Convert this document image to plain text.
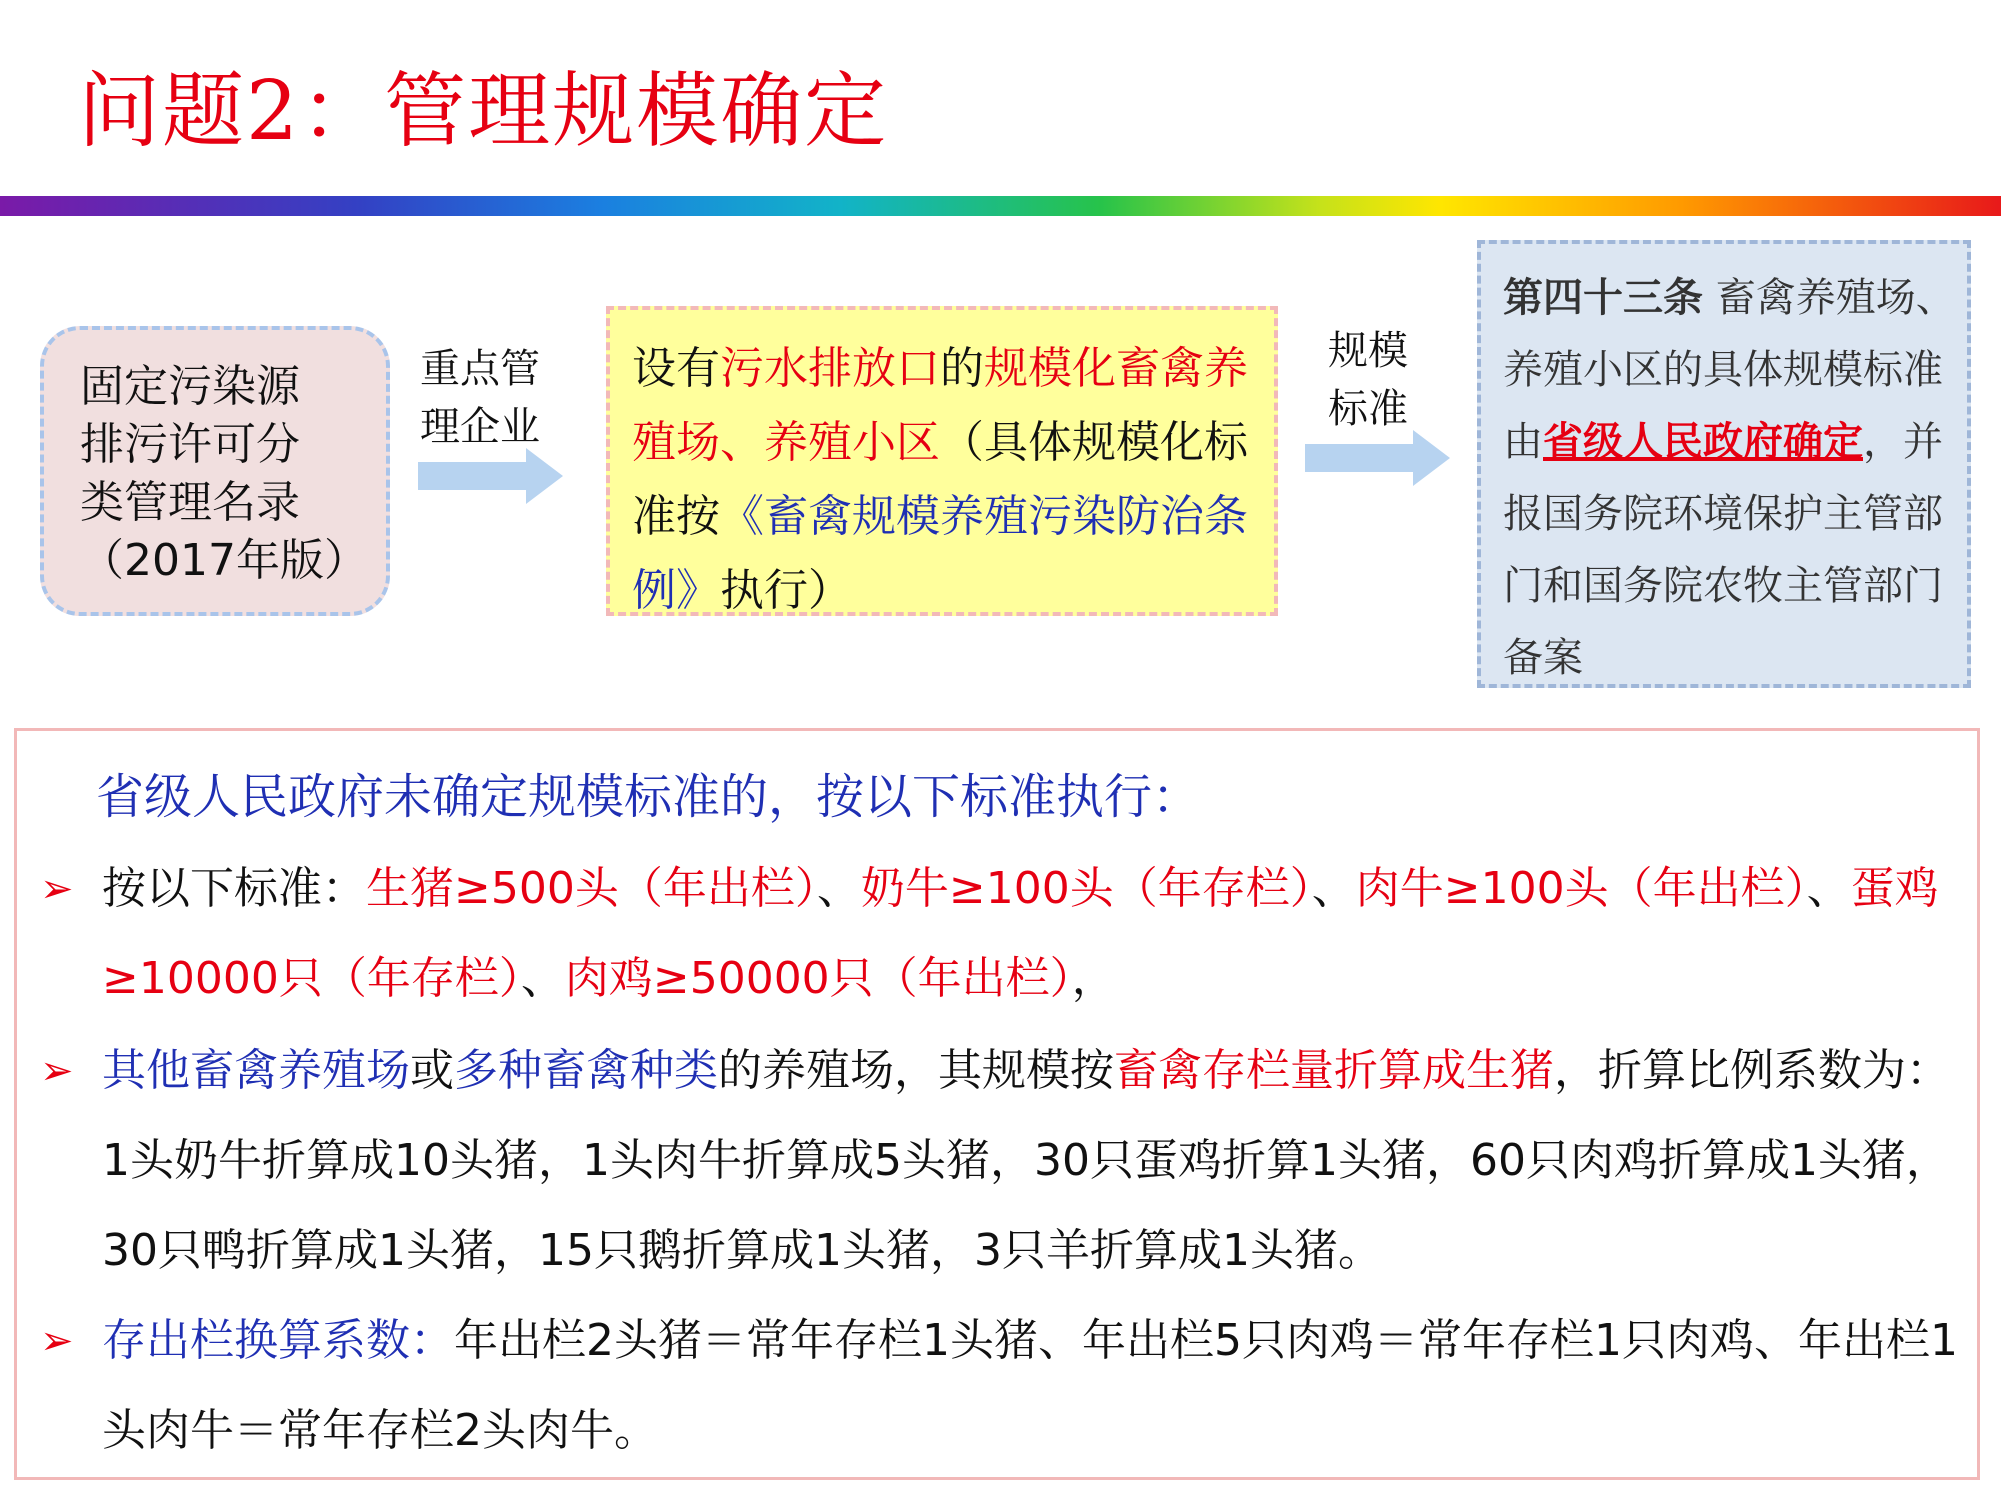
问题2：管理规模确定
固定污染源
排污许可分
类管理名录
（2017年版）
重点管
理企业
设有污水排放口的规模化畜禽养殖场、养殖小区（具体规模化标准按《畜禽规模养殖污染防治条例》执行）
规模
标准
第四十三条 畜禽养殖场、养殖小区的具体规模标准由省级人民政府确定，并报国务院环境保护主管部门和国务院农牧主管部门备案
省级人民政府未确定规模标准的，按以下标准执行：
➢ 按以下标准：生猪≥500头（年出栏）、奶牛≥100头（年存栏）、肉牛≥100头（年出栏）、蛋鸡≥10000只（年存栏）、肉鸡≥50000只（年出栏），
➢ 其他畜禽养殖场或多种畜禽种类的养殖场，其规模按畜禽存栏量折算成生猪，折算比例系数为：1头奶牛折算成10头猪，1头肉牛折算成5头猪，30只蛋鸡折算1头猪，60只肉鸡折算成1头猪，30只鸭折算成1头猪，15只鹅折算成1头猪，3只羊折算成1头猪。
➢ 存出栏换算系数：年出栏2头猪＝常年存栏1头猪、年出栏5只肉鸡＝常年存栏1只肉鸡、年出栏1头肉牛＝常年存栏2头肉牛。
